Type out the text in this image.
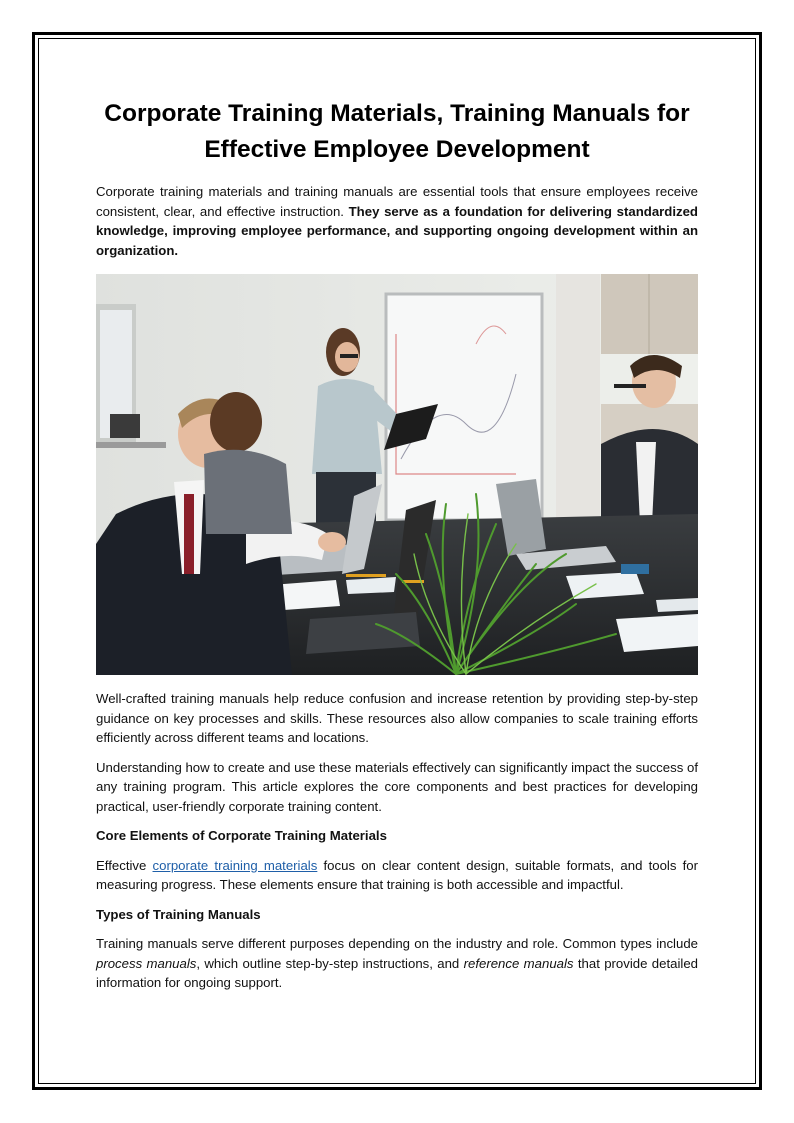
Corporate Training Materials, Training Manuals for Effective Employee Development

Corporate training materials and training manuals are essential tools that ensure employees receive consistent, clear, and effective instruction. They serve as a foundation for delivering standardized knowledge, improving employee performance, and supporting ongoing development within an organization.

Well-crafted training manuals help reduce confusion and increase retention by providing step-by-step guidance on key processes and skills. These resources also allow companies to scale training efforts efficiently across different teams and locations.

Understanding how to create and use these materials effectively can significantly impact the success of any training program. This article explores the core components and best practices for developing practical, user-friendly corporate training content.

Core Elements of Corporate Training Materials

Effective corporate training materials focus on clear content design, suitable formats, and tools for measuring progress. These elements ensure that training is both accessible and impactful.

Types of Training Manuals

Training manuals serve different purposes depending on the industry and role. Common types include process manuals, which outline step-by-step instructions, and reference manuals that provide detailed information for ongoing support.
